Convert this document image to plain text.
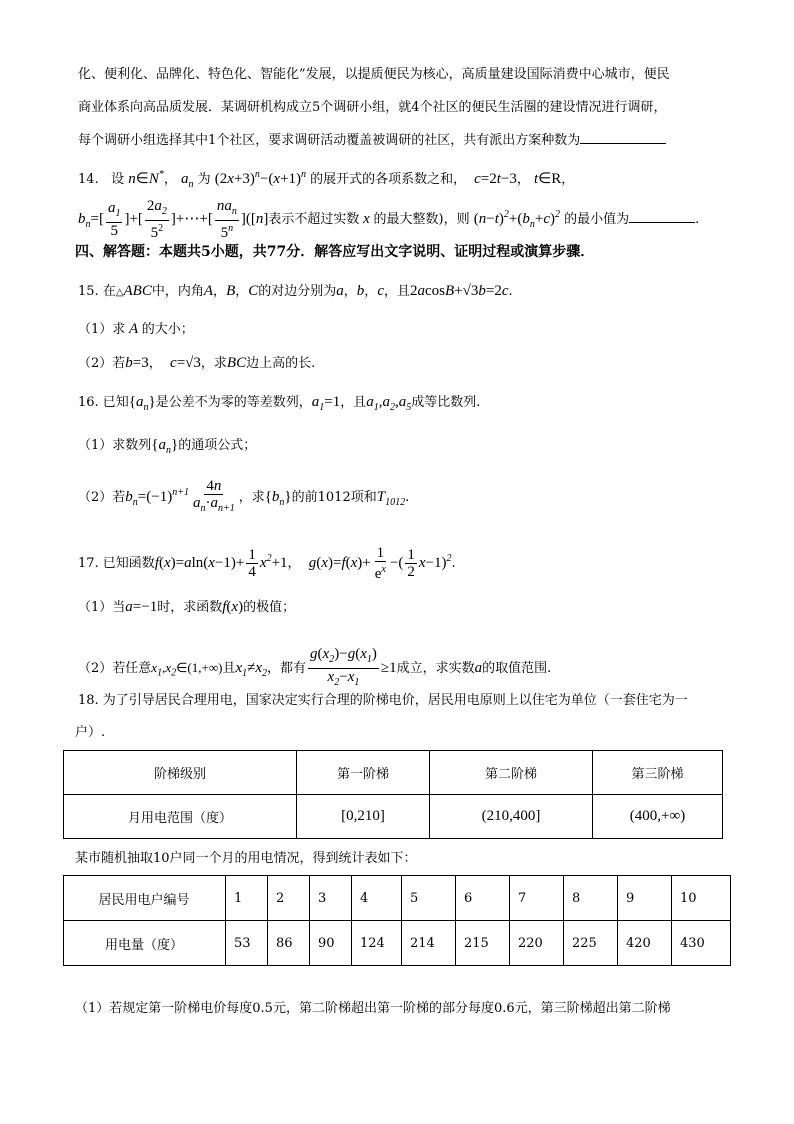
化、便利化、品牌化、特色化、智能化”发展，以提质便民为核心，高质量建设国际消费中心城市，便民
商业体系向高品质发展．某调研机构成立5个调研小组，就4个社区的便民生活圈的建设情况进行调研，
每个调研小组选择其中1个社区，要求调研活动覆盖被调研的社区，共有派出方案种数为
14. 设 n∈N*， $a_n$ 为 $(2x+3)^n-(x+1)^n$ 的展开式的各项系数之和，  c=2t−3， t∈R，
$b_n=[ \frac{a_1}{5}$ ]+[ $\frac{2a_2}{5^2}$ ]+⋯+[ $\frac{na_n}{5^n} ]([n]$表示不超过实数 x 的最大整数)，则 $(n-t)^2+(b_n+c)^2$ 的最小值为	.
四、解答题：本题共5小题，共77分．解答应写出文字说明、证明过程或演算步骤．
15. 在△ABC中，内角A，B，C的对边分别为a，b，c，且2acosB+√3b=2c.
（1）求 A 的大小；
（2）若b=3，  c=√3，求BC边上高的长.
16. 已知$\{a_n\}$是公差不为零的等差数列，$a_1=1$，且$a_1,a_2,a_5$成等比数列.
（1）求数列$\{a_n\}$的通项公式；
（2）若$b_n=(-1)^{n+1} \frac{4n}{a_n\cdot a_{n+1}}$ ，求$\{b_n\}$的前1012项和$T_{1012}$.
17. 已知函数$f(x)=aln(x-1)+ \frac{1}{4} x^2+1$，  $g(x)=f(x)+ \frac{1}{e^x}$ −( $\frac{1}{2} x-1)^2$.
（1）当a=−1时，求函数f(x)的极值；
（2）若任意$x_1,x_2\in(1,+\infty)$且$x_1\ne x_2$，都有 $\frac{g(x_2)-g(x_1)}{x_2-x_1} \ge 1$成立，求实数a的取值范围.
18. 为了引导居民合理用电，国家决定实行合理的阶梯电价，居民用电原则上以住宅为单位（一套住宅为一
户）.
阶梯级别	第一阶梯	第二阶梯	第三阶梯
月用电范围（度）	[0,210]	(210,400]	(400,+∞)
某市随机抽取10户同一个月的用电情况，得到统计表如下：
居民用电户编号	1	2	3	4	5	6	7	8	9	10
用电量（度）	53	86	90	124	214	215	220	225	420	430
（1）若规定第一阶梯电价每度0.5元，第二阶梯超出第一阶梯的部分每度0.6元，第三阶梯超出第二阶梯
